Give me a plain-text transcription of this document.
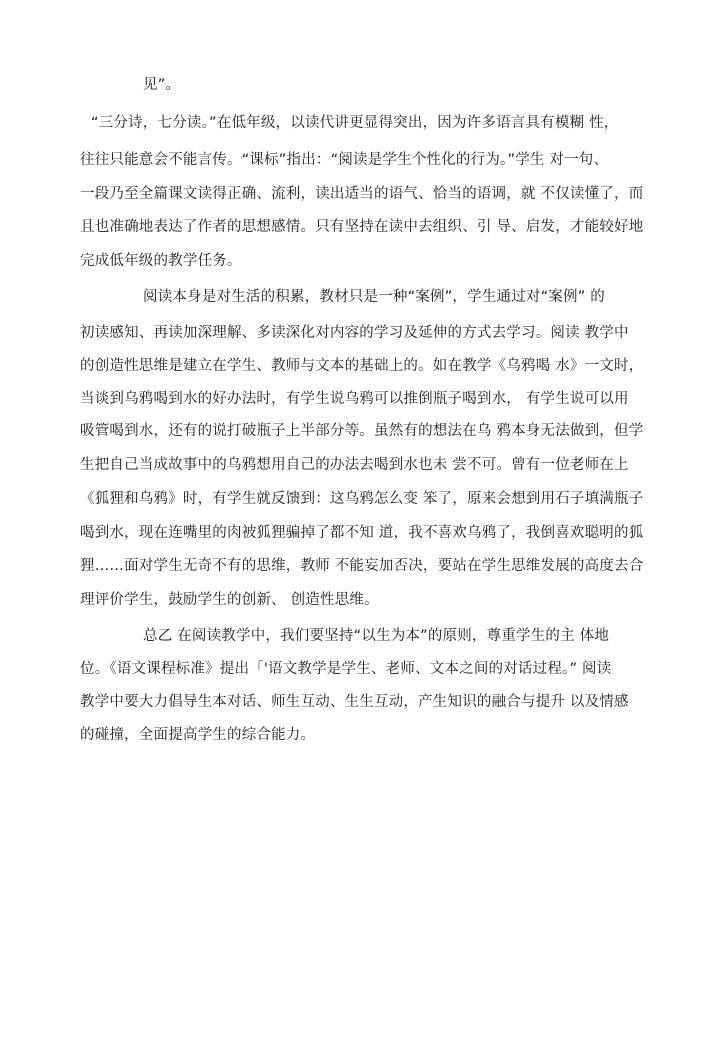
见”。
“三分诗，七分读。”在低年级，以读代讲更显得突出，因为许多语言具有模糊 性，
往往只能意会不能言传。“课标”指出：“阅读是学生个性化的行为。”学生 对一句、
一段乃至全篇课文读得正确、流利，读出适当的语气、恰当的语调，就 不仅读懂了，而
且也准确地表达了作者的思想感情。只有坚持在读中去组织、引 导、启发，才能较好地
完成低年级的教学任务。
阅读本身是对生活的积累，教材只是一种“案例”，学生通过对“案例” 的
初读感知、再读加深理解、多读深化对内容的学习及延伸的方式去学习。阅读 教学中
的创造性思维是建立在学生、教师与文本的基础上的。如在教学《乌鸦喝 水》一文时，
当谈到乌鸦喝到水的好办法时，有学生说乌鸦可以推倒瓶子喝到水， 有学生说可以用
吸管喝到水，还有的说打破瓶子上半部分等。虽然有的想法在乌 鸦本身无法做到，但学
生把自己当成故事中的乌鸦想用自己的办法去喝到水也未 尝不可。曾有一位老师在上
《狐狸和乌鸦》时，有学生就反馈到：这乌鸦怎么变 笨了，原来会想到用石子填满瓶子
喝到水，现在连嘴里的肉被狐狸骗掉了都不知 道，我不喜欢乌鸦了，我倒喜欢聪明的狐
狸……面对学生无奇不有的思维，教师 不能妄加否决，要站在学生思维发展的高度去合
理评价学生，鼓励学生的创新、 创造性思维。
总乙 在阅读教学中，我们要坚持“以生为本”的原则，尊重学生的主 体地
位。《语文课程标准》提出「'语文教学是学生、老师、文本之间的对话过程。” 阅读
教学中要大力倡导生本对话、师生互动、生生互动，产生知识的融合与提升 以及情感
的碰撞，全面提高学生的综合能力。
